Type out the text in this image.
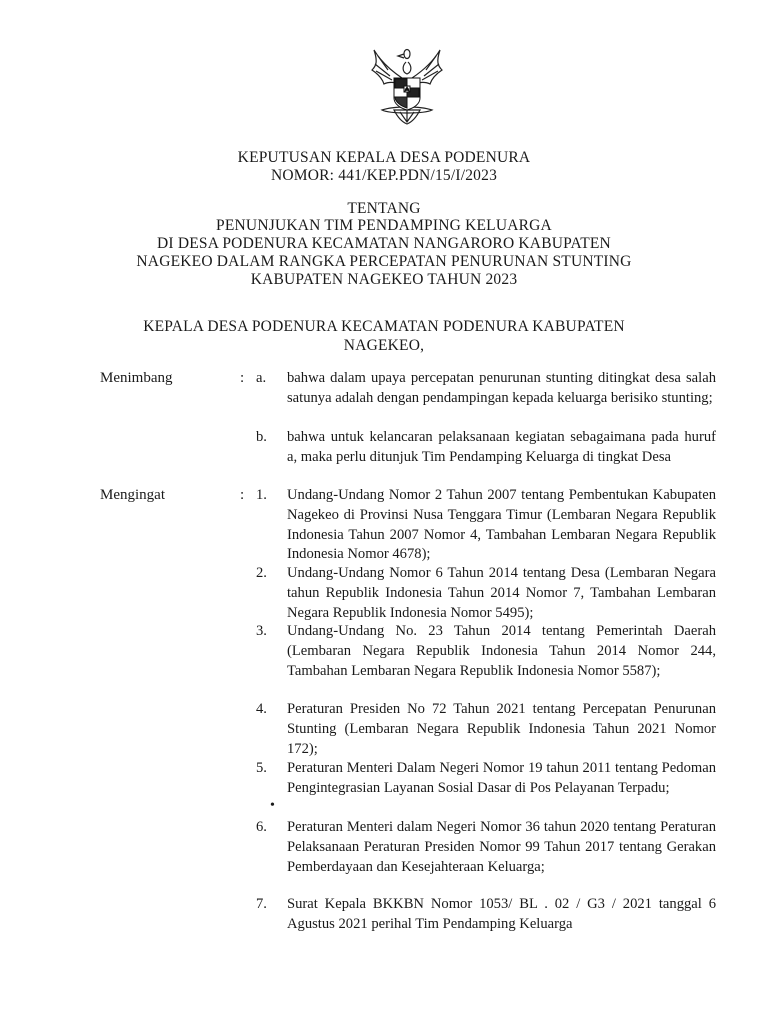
KEPUTUSAN KEPALA DESA PODENURA
NOMOR: 441/KEP.PDN/15/I/2023
TENTANG
PENUNJUKAN TIM PENDAMPING KELUARGA
DI DESA PODENURA KECAMATAN NANGARORO KABUPATEN
NAGEKEO DALAM RANGKA PERCEPATAN PENURUNAN STUNTING
KABUPATEN NAGEKEO TAHUN 2023
KEPALA DESA PODENURA KECAMATAN PODENURA KABUPATEN
NAGEKEO,
Menimbang	: a.	bahwa dalam upaya percepatan penurunan stunting ditingkat desa salah satunya adalah dengan pendampingan kepada keluarga berisiko stunting;
b.	bahwa untuk kelancaran pelaksanaan kegiatan sebagaimana pada huruf a, maka perlu ditunjuk Tim Pendamping Keluarga di tingkat Desa
Mengingat	: 1.	Undang-Undang Nomor 2 Tahun 2007 tentang Pembentukan Kabupaten Nagekeo di Provinsi Nusa Tenggara Timur (Lembaran Negara Republik Indonesia Tahun 2007 Nomor 4, Tambahan Lembaran Negara Republik Indonesia Nomor 4678);
2.	Undang-Undang Nomor 6 Tahun 2014 tentang Desa (Lembaran Negara tahun Republik Indonesia Tahun 2014 Nomor 7, Tambahan Lembaran Negara Republik Indonesia Nomor 5495);
3.	Undang-Undang No. 23 Tahun 2014 tentang Pemerintah Daerah (Lembaran Negara Republik Indonesia Tahun 2014 Nomor 244, Tambahan Lembaran Negara Republik Indonesia Nomor 5587);
4.	Peraturan Presiden No 72 Tahun 2021 tentang Percepatan Penurunan Stunting (Lembaran Negara Republik Indonesia Tahun 2021 Nomor 172);
5.	Peraturan Menteri Dalam Negeri Nomor 19 tahun 2011 tentang Pedoman Pengintegrasian Layanan Sosial Dasar di Pos Pelayanan Terpadu;
•
6.	Peraturan Menteri dalam Negeri Nomor 36 tahun 2020 tentang Peraturan Pelaksanaan Peraturan Presiden Nomor 99 Tahun 2017 tentang Gerakan Pemberdayaan dan Kesejahteraan Keluarga;
7.	Surat Kepala BKKBN Nomor 1053/ BL . 02 / G3 / 2021 tanggal 6 Agustus 2021 perihal Tim Pendamping Keluarga
